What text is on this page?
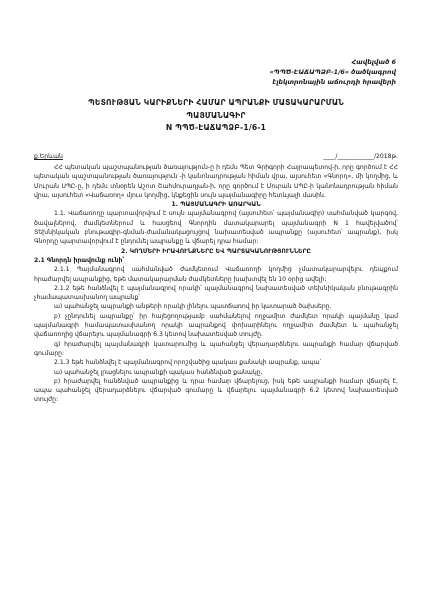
Հավելված 6
«ՊՊԾ-ԷԱՃԱՊՁԲ-1/6» ծածկագրով
էլեկտրոնային աճուրդի հրավերի
ՊԵՏՈՒԹՅԱՆ ԿԱՐԻՔՆԵՐԻ ՀԱՄԱՐ ԱՊՐԱՆՔԻ ՄԱՏԱԿԱՐԱՐՄԱՆ
ՊԱՅՄԱՆԱԳԻՐ
N ՊՊԾ-ԷԱՃԱՊՁԲ-1/6-1
ք.Երևան	____/____________/2018թ.

ՀՀ պետական պաշտպանության ծառայություն-ը ի դեմս Պետ Գրիգորի Հայրապետով-ի, որը գործում է ՀՀ պետական պաշտպանության ծառայություն -ի կանոնադրության հիման վրա, այսուհետ «Գնորդ», մի կողմից, և Մուրան ՍՊԸ-ը, ի դեմս տնօրեն Աշոտ Շահմուրադյան-ի, որը գործում է Մուրան ՍՊԸ-ի կանոնադրության հիման վրա, այսուհետ «Վաճառող» մյուս կողմից, կնքեցին սույն պայմանագիրը հետևյալի մասին.

1. ՊԱՅՄԱՆԱԳՐԻ ԱՌԱՐԿԱՆ

1.1. Վաճառողը պարտավորվում է սույն պայմանագրով (այսուհետ՝ պայմանագիր) սահմանված կարգով, ծավալներով, ժամկետներում և հասցեով Գնորդին մատակարարել պայմանագրի N 1 հավելվածով՝ Տեխնիկական բնութագիր-գնման-ժամանակացույցով նախատեսված ապրանքը (այսուհետ՝ ապրանք), իսկ Գնորդը պարտավորվում է ընդունել ապրանքը և վճարել դրա համար:

2. ԿՈՂՄԵՐԻ ԻՐԱՎՈՒՆՔՆԵՐԸ ԵՎ ՊԱՐՏԱԿԱՆՈՒԹՅՈՒՆՆԵՐԸ

2.1 Գնորդն իրավունք ունի՝

2.1.1 Պայմանագրով սահմանված ժամկետում Վաճառողի կողմից չմատակարարվելու դեպքում հրաժարվել ապրանքից, եթե մատակարարման ժամկետները խախտվել են 10 օրից ավելի:

2.1.2 եթե հանձնվել է պայմանագրով որակի՝ պայմանագրով նախատեսված տեխնիկական բնութագրին չհամապատասխանող ապրանք՝

ա) պահանջել ապրանքի անթերի որակի լինելու պատճառով իր կատարած ծախսերը.

բ) չընդունել ապրանքը՝ իր հայեցողությամբ սահմանելով ողջամիտ ժամկետ որակի պայմանը կամ պայմանագրի համապատասխանող որակի ապրանքով փոխարինելու ողջամիտ ժամկետ և պահանջել վաճառողից վճարելու պայմանագրի 6.3 կետով նախատեսված տույժը.

գ) հրաժարվել պայմանագրի կատարումից և պահանջել վերադարձնելու ապրանքի համար վճարված գումարը:

2.1.3 եթե հանձնվել է պայմանագրով որոշվածից պակաս քանակի ապրանք, ապա՝

ա) պահանջել լրացնելու ապրանքի պակաս հանձնված քանակը,

բ) հրաժարվել հանձնված ապրանքից և դրա համար վճարելուց, իսկ եթե ապրանքի համար վճարել է, ապա պահանջել վերադարձնելու վճարված գումարը և վճարելու պայմանագրի 6.2 կետով նախատեսված տույժը:
